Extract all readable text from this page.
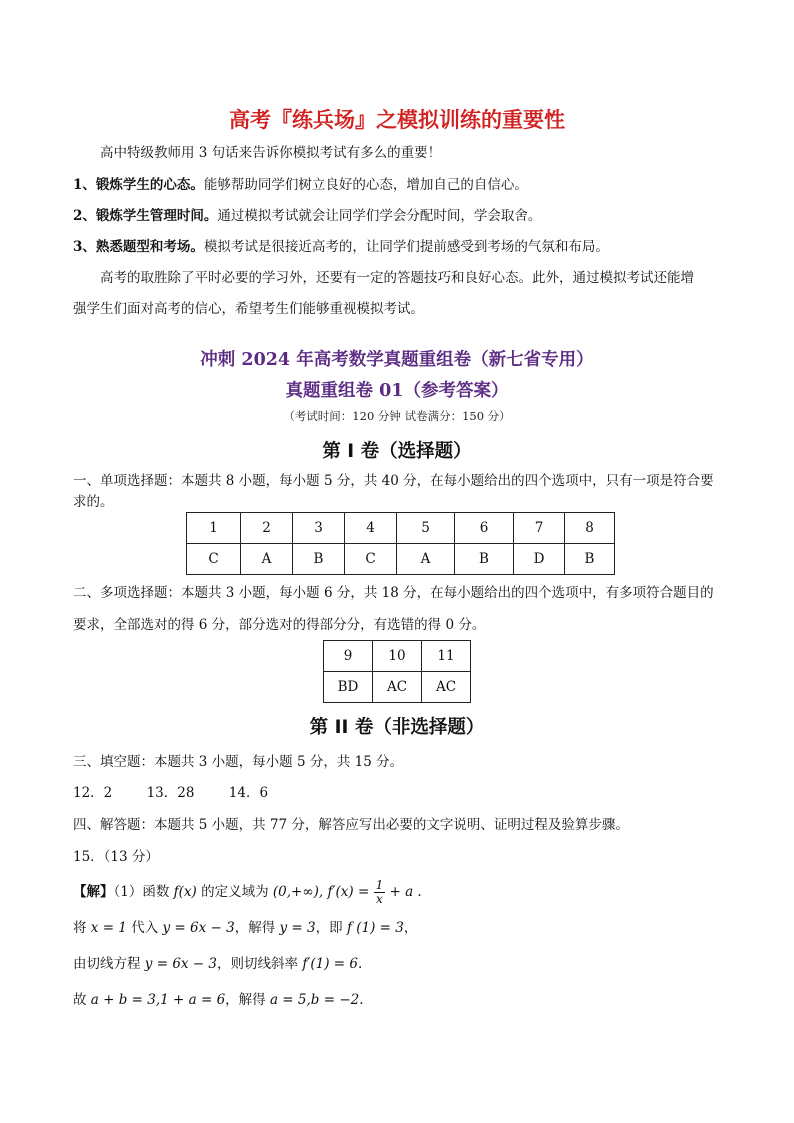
高考『练兵场』之模拟训练的重要性
高中特级教师用 3 句话来告诉你模拟考试有多么的重要！
1、锻炼学生的心态。能够帮助同学们树立良好的心态，增加自己的自信心。
2、锻炼学生管理时间。通过模拟考试就会让同学们学会分配时间，学会取舍。
3、熟悉题型和考场。模拟考试是很接近高考的，让同学们提前感受到考场的气氛和布局。
高考的取胜除了平时必要的学习外，还要有一定的答题技巧和良好心态。此外，通过模拟考试还能增
强学生们面对高考的信心，希望考生们能够重视模拟考试。
冲刺 2024 年高考数学真题重组卷（新七省专用）
真题重组卷 01（参考答案）
（考试时间：120 分钟 试卷满分：150 分）
第 I 卷（选择题）
一、单项选择题：本题共 8 小题，每小题 5 分，共 40 分，在每小题给出的四个选项中，只有一项是符合要
求的。
1	2	3	4	5	6	7	8
C	A	B	C	A	B	D	B
二、多项选择题：本题共 3 小题，每小题 6 分，共 18 分，在每小题给出的四个选项中，有多项符合题目的
要求，全部选对的得 6 分，部分选对的得部分分，有选错的得 0 分。
9	10	11
BD	AC	AC
第 II 卷（非选择题）
三、填空题：本题共 3 小题，每小题 5 分，共 15 分。
12．2        13．28        14．6
四、解答题：本题共 5 小题，共 77 分，解答应写出必要的文字说明、证明过程及验算步骤。
15．（13 分）
【解】（1）函数 f(x) 的定义域为 (0,+∞), $f'(x) = \frac{1}{x} + a$ .
将 x = 1 代入 y = 6x − 3，解得 y = 3，即 f (1) = 3，
由切线方程 y = 6x − 3，则切线斜率 f′(1) = 6.
故 a + b = 3,1 + a = 6，解得 a = 5,b = −2.
